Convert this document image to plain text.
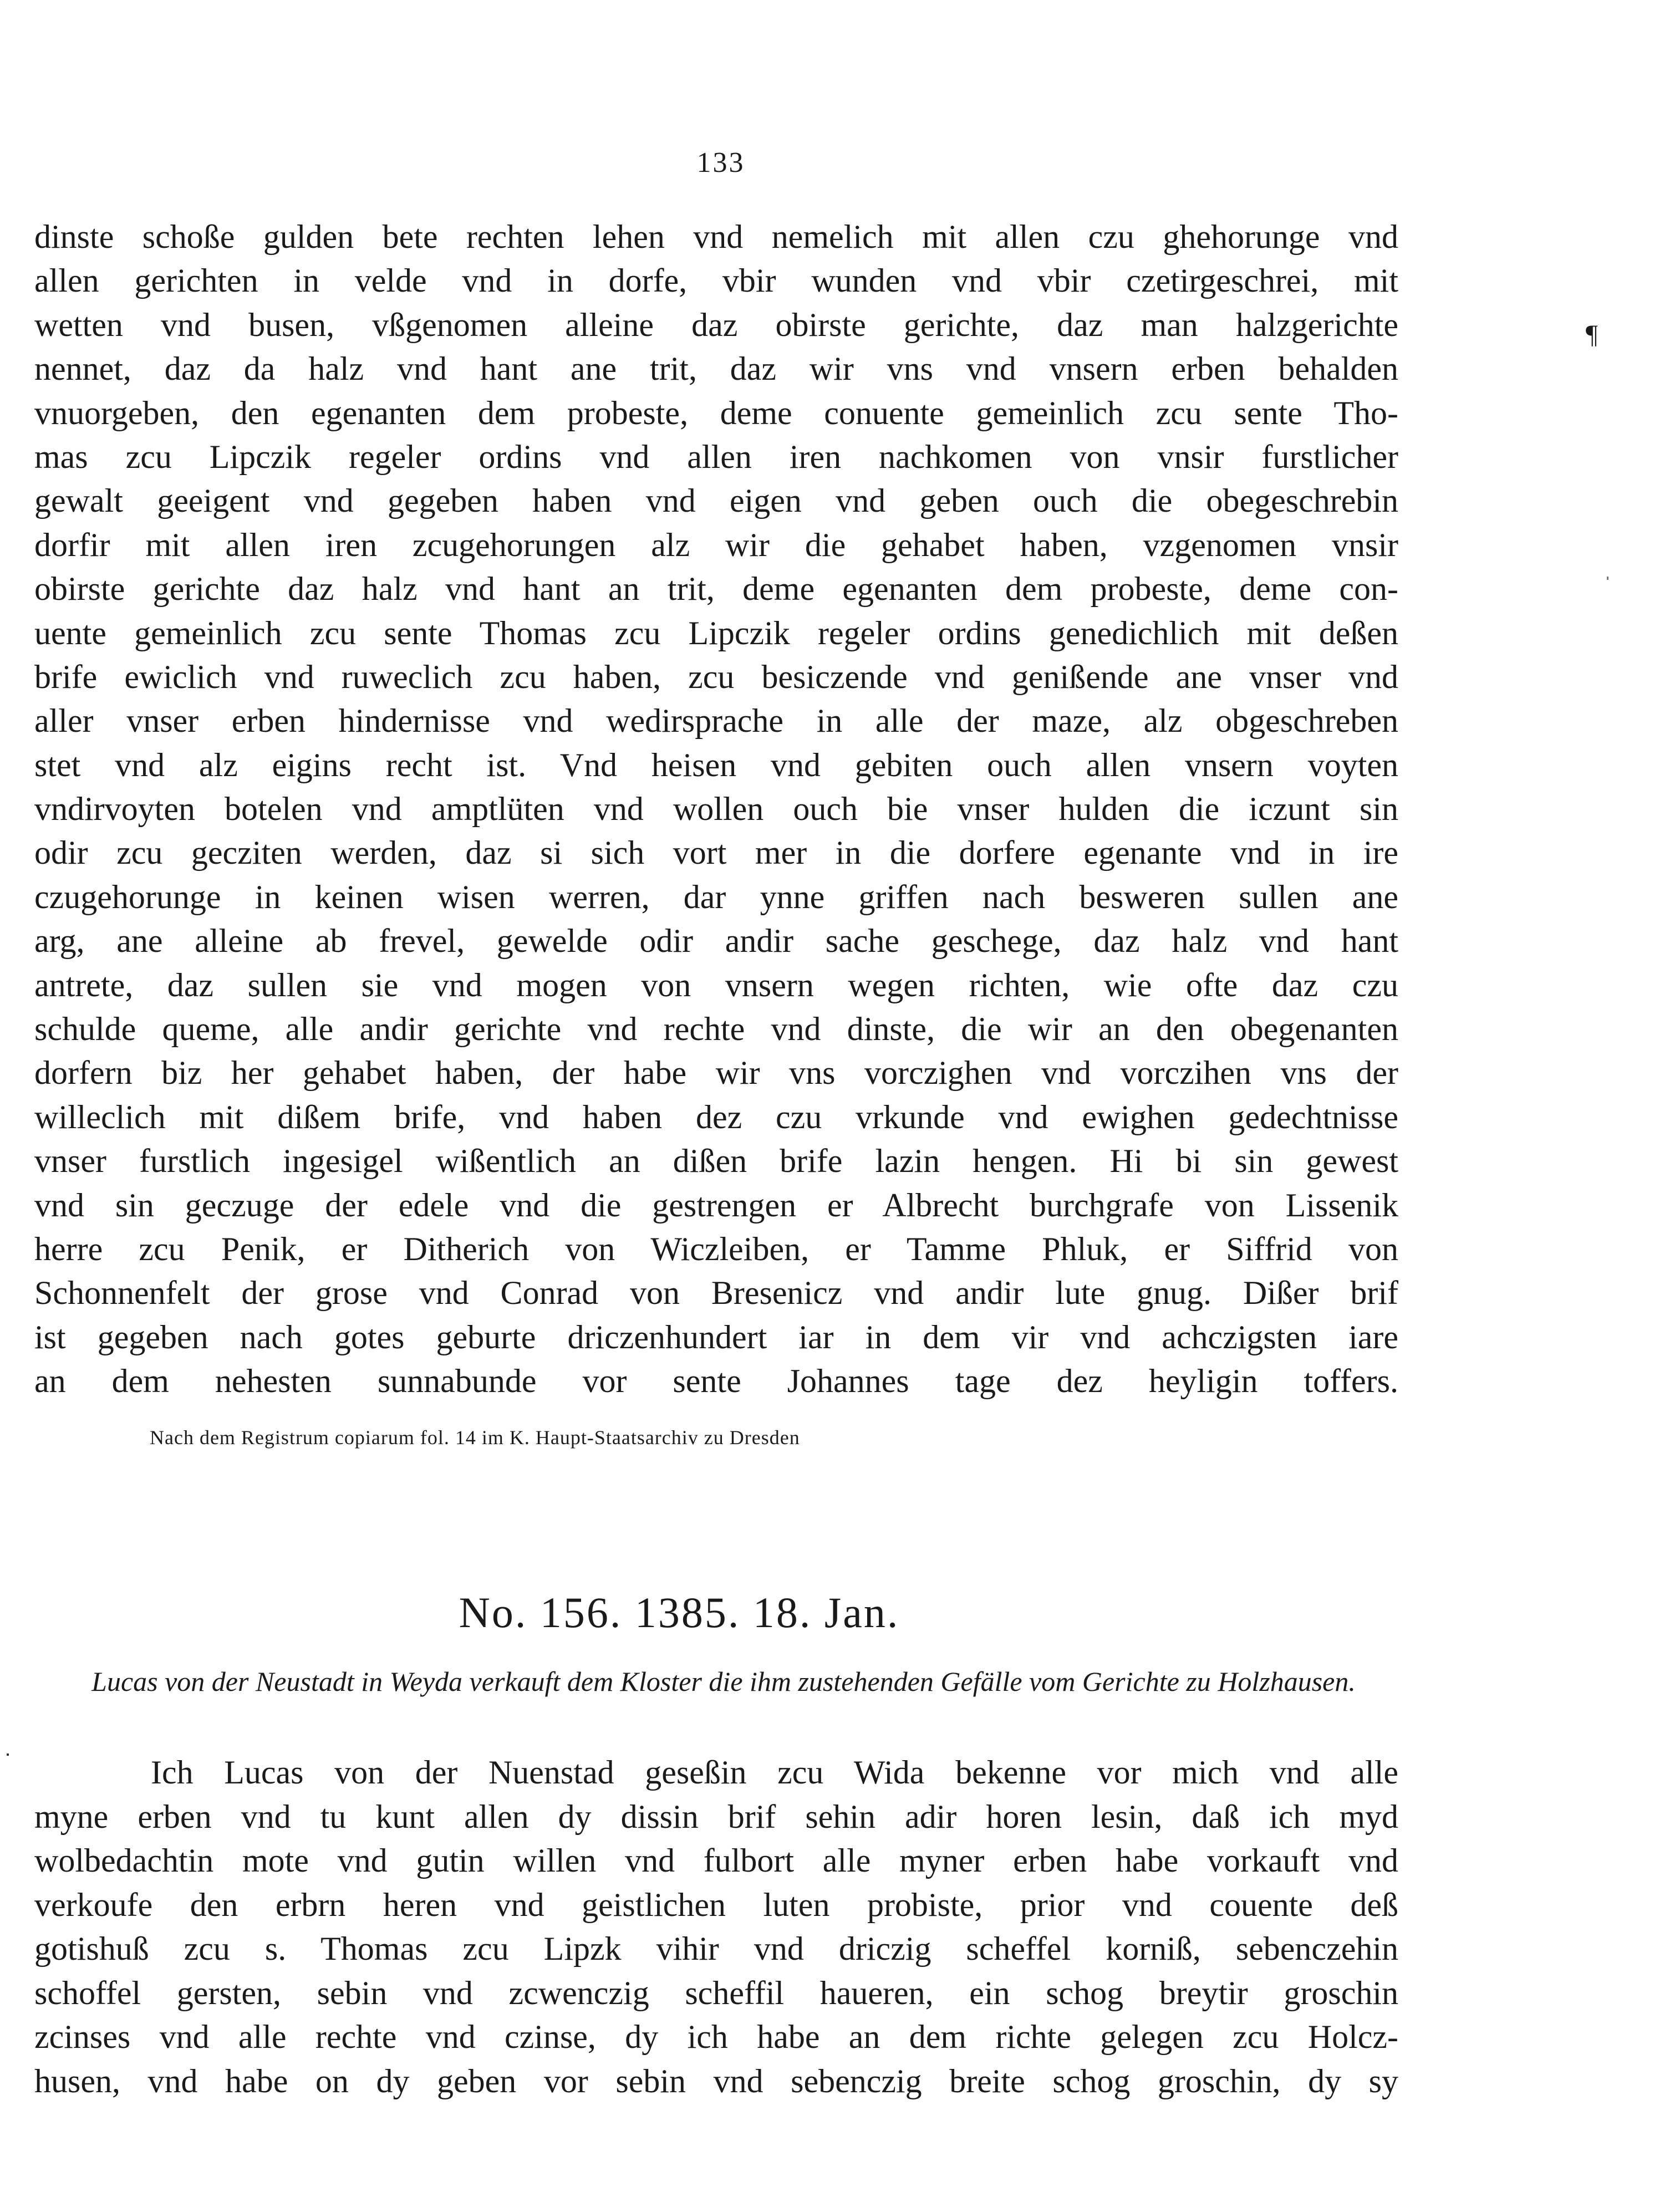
133
¶
dinste schoße gulden bete rechten lehen vnd nemelich mit allen czu ghehorunge vnd
allen gerichten in velde vnd in dorfe, vbir wunden vnd vbir czetirgeschrei, mit
wetten vnd busen, vßgenomen alleine daz obirste gerichte, daz man halzgerichte
nennet, daz da halz vnd hant ane trit, daz wir vns vnd vnsern erben behalden
vnuorgeben, den egenanten dem probeste, deme conuente gemeinlich zcu sente Tho-
mas zcu Lipczik regeler ordins vnd allen iren nachkomen von vnsir furstlicher
gewalt geeigent vnd gegeben haben vnd eigen vnd geben ouch die obegeschrebin
dorfir mit allen iren zcugehorungen alz wir die gehabet haben, vzgenomen vnsir
obirste gerichte daz halz vnd hant an trit, deme egenanten dem probeste, deme con-
uente gemeinlich zcu sente Thomas zcu Lipczik regeler ordins genedichlich mit deßen
brife ewiclich vnd ruweclich zcu haben, zcu besiczende vnd genißende ane vnser vnd
aller vnser erben hindernisse vnd wedirsprache in alle der maze, alz obgeschreben
stet vnd alz eigins recht ist. Vnd heisen vnd gebiten ouch allen vnsern voyten
vndirvoyten botelen vnd amptlüten vnd wollen ouch bie vnser hulden die iczunt sin
odir zcu gecziten werden, daz si sich vort mer in die dorfere egenante vnd in ire
czugehorunge in keinen wisen werren, dar ynne griffen nach besweren sullen ane
arg, ane alleine ab frevel, gewelde odir andir sache geschege, daz halz vnd hant
antrete, daz sullen sie vnd mogen von vnsern wegen richten, wie ofte daz czu
schulde queme, alle andir gerichte vnd rechte vnd dinste, die wir an den obegenanten
dorfern biz her gehabet haben, der habe wir vns vorczighen vnd vorczihen vns der
willeclich mit dißem brife, vnd haben dez czu vrkunde vnd ewighen gedechtnisse
vnser furstlich ingesigel wißentlich an dißen brife lazin hengen. Hi bi sin gewest
vnd sin geczuge der edele vnd die gestrengen er Albrecht burchgrafe von Lissenik
herre zcu Penik, er Ditherich von Wiczleiben, er Tamme Phluk, er Siffrid von
Schonnenfelt der grose vnd Conrad von Bresenicz vnd andir lute gnug. Dißer brif
ist gegeben nach gotes geburte driczenhundert iar in dem vir vnd achczigsten iare
an dem nehesten sunnabunde vor sente Johannes tage dez heyligin toffers.
Nach dem Registrum copiarum fol. 14 im K. Haupt-Staatsarchiv zu Dresden
No. 156. 1385. 18. Jan.

Lucas von der Neustadt in Weyda verkauft dem Kloster die ihm zustehenden Gefälle vom Gerichte zu Holzhausen.

Ich Lucas von der Nuenstad geseßin zcu Wida bekenne vor mich vnd alle
myne erben vnd tu kunt allen dy dissin brif sehin adir horen lesin, daß ich myd
wolbedachtin mote vnd gutin willen vnd fulbort alle myner erben habe vorkauft vnd
verkoufe den erbrn heren vnd geistlichen luten probiste, prior vnd couente deß
gotishuß zcu s. Thomas zcu Lipzk vihir vnd driczig scheffel korniß, sebenczehin
schoffel gersten, sebin vnd zcwenczig scheffil haueren, ein schog breytir groschin
zcinses vnd alle rechte vnd czinse, dy ich habe an dem richte gelegen zcu Holcz-
husen, vnd habe on dy geben vor sebin vnd sebenczig breite schog groschin, dy sy
